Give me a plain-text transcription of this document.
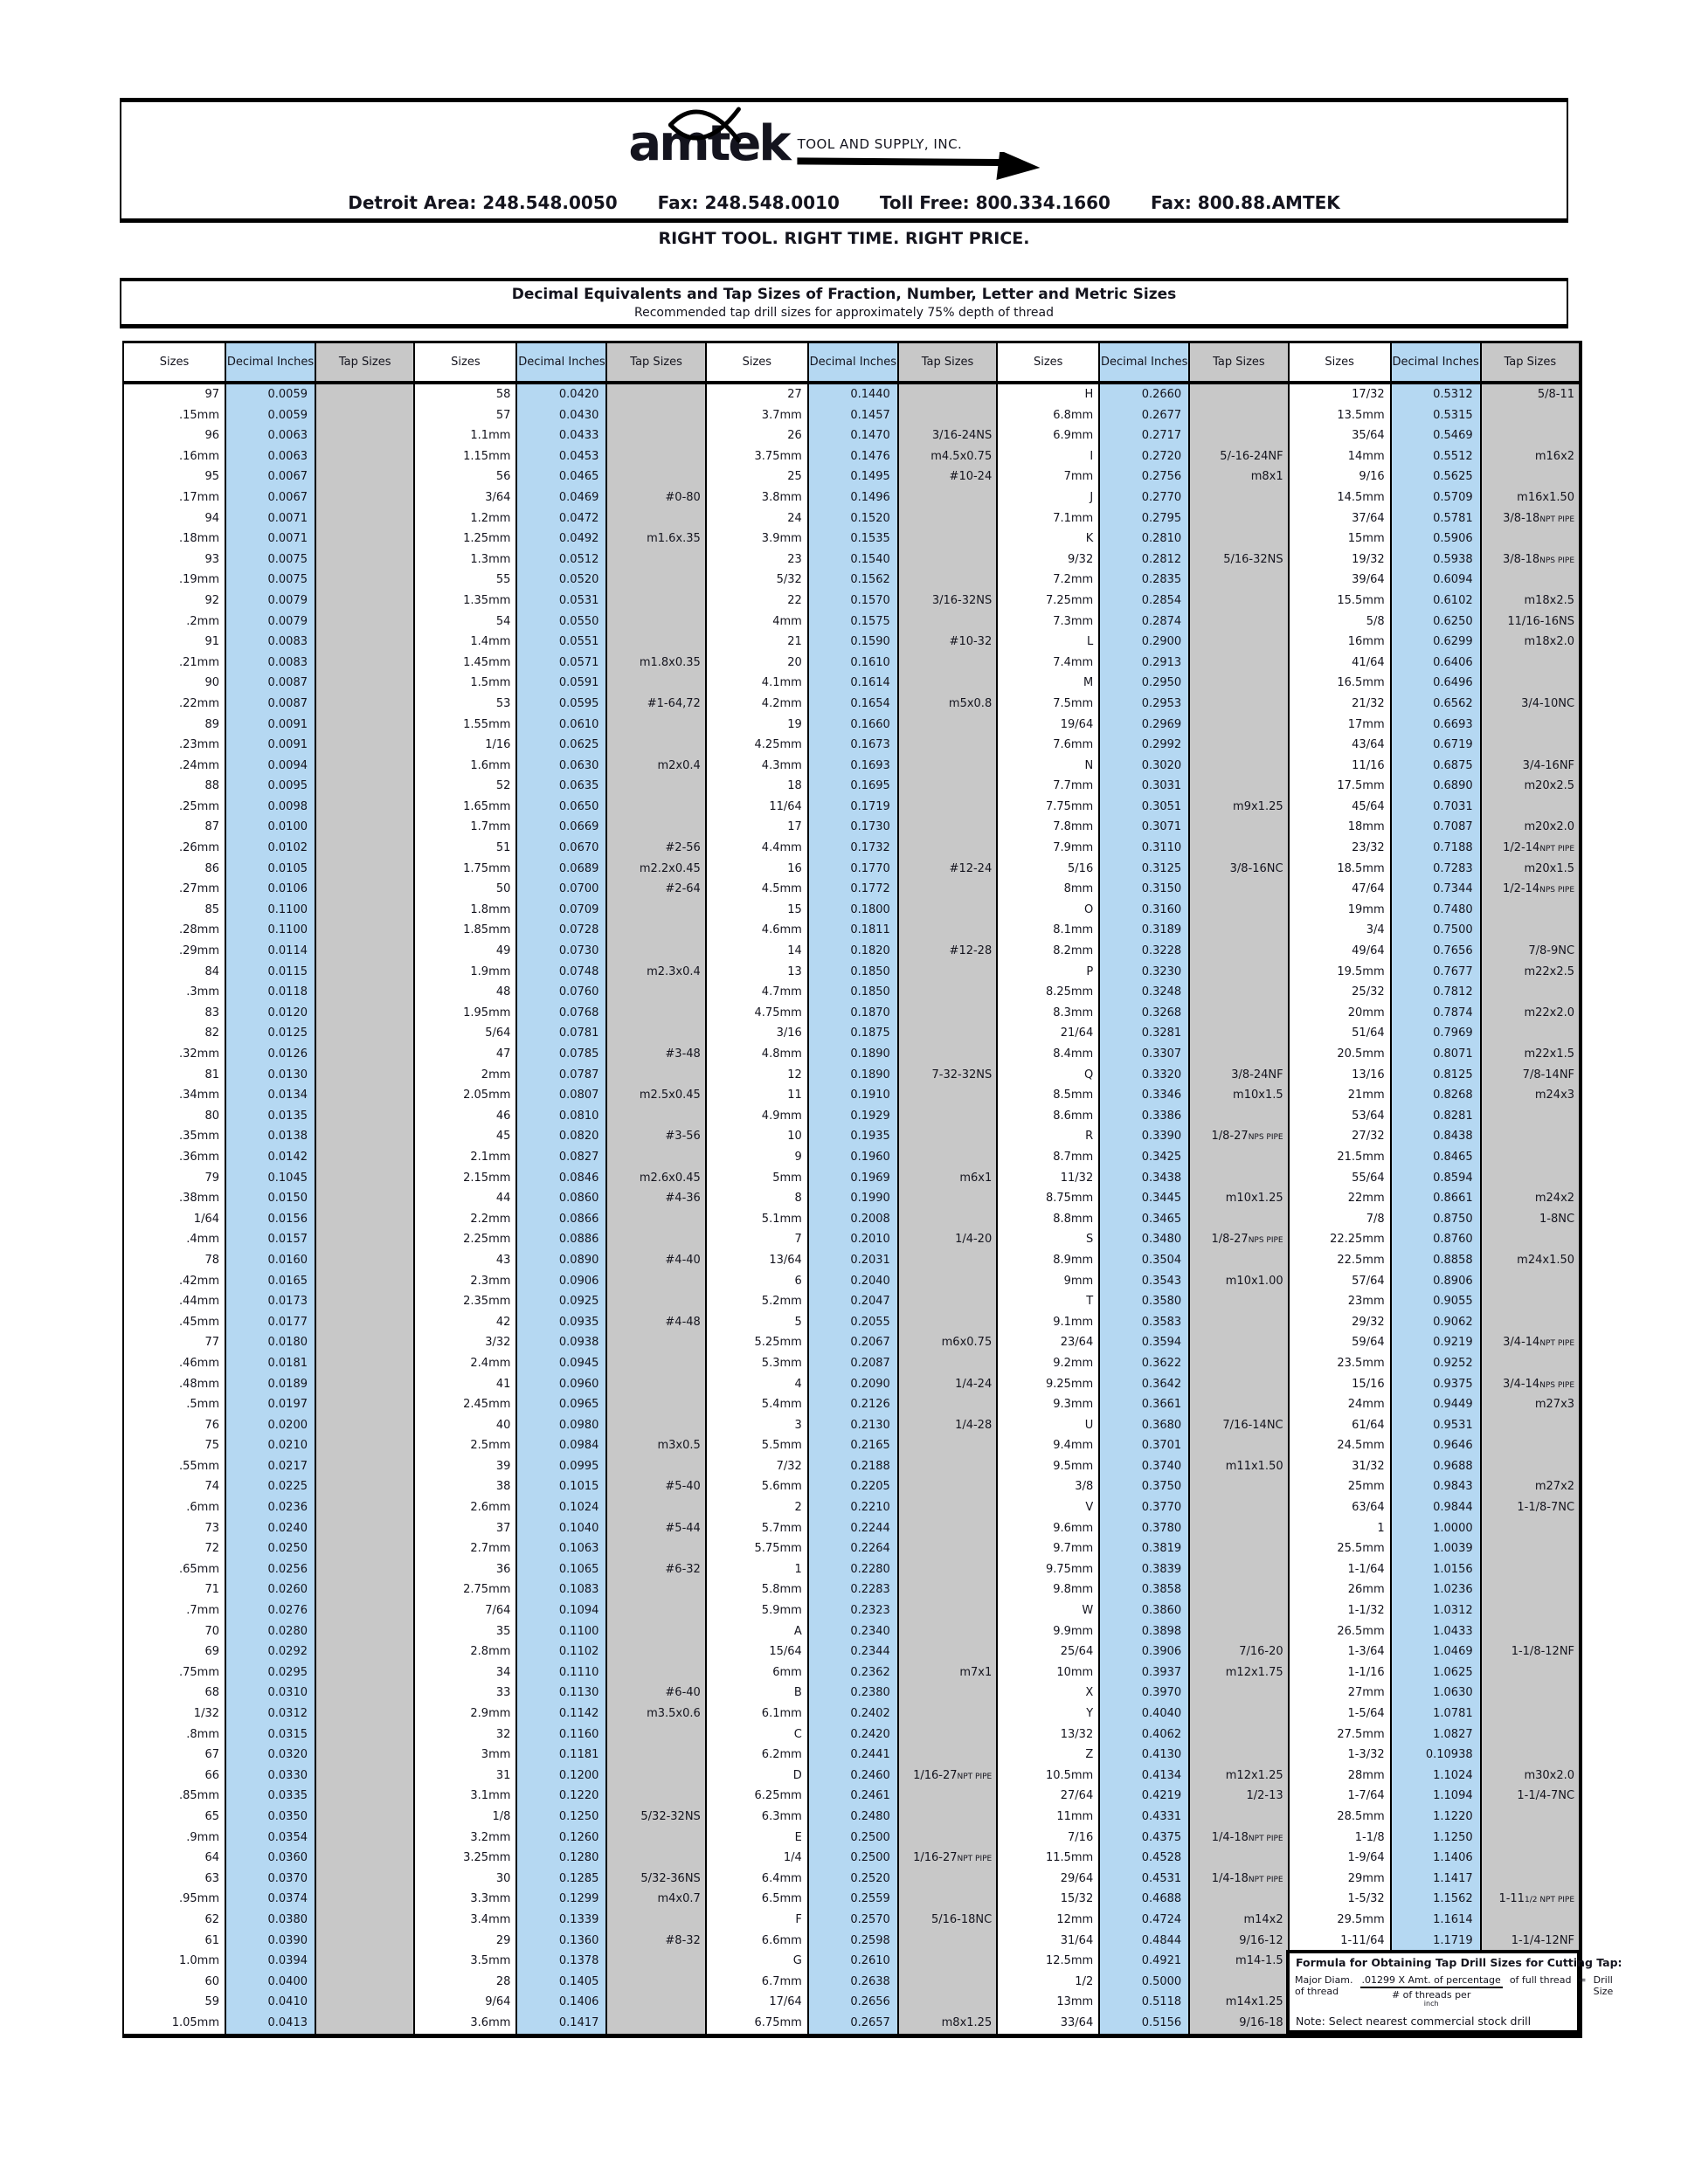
amtek TOOL AND SUPPLY, INC.
Detroit Area: 248.548.0050 Fax: 248.548.0010 Toll Free: 800.334.1660 Fax: 800.88.AMTEK
RIGHT TOOL. RIGHT TIME. RIGHT PRICE.
Decimal Equivalents and Tap Sizes of Fraction, Number, Letter and Metric Sizes
Recommended tap drill sizes for approximately 75% depth of thread
Sizes	Decimal Inches	Tap Sizes
97	0.0059
.15mm	0.0059
96	0.0063
.16mm	0.0063
95	0.0067
.17mm	0.0067
94	0.0071
.18mm	0.0071
93	0.0075
.19mm	0.0075
92	0.0079
.2mm	0.0079
91	0.0083
.21mm	0.0083
90	0.0087
.22mm	0.0087
89	0.0091
.23mm	0.0091
.24mm	0.0094
88	0.0095
.25mm	0.0098
87	0.0100
.26mm	0.0102
86	0.0105
.27mm	0.0106
85	0.1100
.28mm	0.1100
.29mm	0.0114
84	0.0115
.3mm	0.0118
83	0.0120
82	0.0125
.32mm	0.0126
81	0.0130
.34mm	0.0134
80	0.0135
.35mm	0.0138
.36mm	0.0142
79	0.1045
.38mm	0.0150
1/64	0.0156
.4mm	0.0157
78	0.0160
.42mm	0.0165
.44mm	0.0173
.45mm	0.0177
77	0.0180
.46mm	0.0181
.48mm	0.0189
.5mm	0.0197
76	0.0200
75	0.0210
.55mm	0.0217
74	0.0225
.6mm	0.0236
73	0.0240
72	0.0250
.65mm	0.0256
71	0.0260
.7mm	0.0276
70	0.0280
69	0.0292
.75mm	0.0295
68	0.0310
1/32	0.0312
.8mm	0.0315
67	0.0320
66	0.0330
.85mm	0.0335
65	0.0350
.9mm	0.0354
64	0.0360
63	0.0370
.95mm	0.0374
62	0.0380
61	0.0390
1.0mm	0.0394
60	0.0400
59	0.0410
1.05mm	0.0413
Sizes	Decimal Inches	Tap Sizes
58	0.0420
57	0.0430
1.1mm	0.0433
1.15mm	0.0453
56	0.0465
3/64	0.0469	#0-80
1.2mm	0.0472
1.25mm	0.0492	m1.6x.35
1.3mm	0.0512
55	0.0520
1.35mm	0.0531
54	0.0550
1.4mm	0.0551
1.45mm	0.0571	m1.8x0.35
1.5mm	0.0591
53	0.0595	#1-64,72
1.55mm	0.0610
1/16	0.0625
1.6mm	0.0630	m2x0.4
52	0.0635
1.65mm	0.0650
1.7mm	0.0669
51	0.0670	#2-56
1.75mm	0.0689	m2.2x0.45
50	0.0700	#2-64
1.8mm	0.0709
1.85mm	0.0728
49	0.0730
1.9mm	0.0748	m2.3x0.4
48	0.0760
1.95mm	0.0768
5/64	0.0781
47	0.0785	#3-48
2mm	0.0787
2.05mm	0.0807	m2.5x0.45
46	0.0810
45	0.0820	#3-56
2.1mm	0.0827
2.15mm	0.0846	m2.6x0.45
44	0.0860	#4-36
2.2mm	0.0866
2.25mm	0.0886
43	0.0890	#4-40
2.3mm	0.0906
2.35mm	0.0925
42	0.0935	#4-48
3/32	0.0938
2.4mm	0.0945
41	0.0960
2.45mm	0.0965
40	0.0980
2.5mm	0.0984	m3x0.5
39	0.0995
38	0.1015	#5-40
2.6mm	0.1024
37	0.1040	#5-44
2.7mm	0.1063
36	0.1065	#6-32
2.75mm	0.1083
7/64	0.1094
35	0.1100
2.8mm	0.1102
34	0.1110
33	0.1130	#6-40
2.9mm	0.1142	m3.5x0.6
32	0.1160
3mm	0.1181
31	0.1200
3.1mm	0.1220
1/8	0.1250	5/32-32NS
3.2mm	0.1260
3.25mm	0.1280
30	0.1285	5/32-36NS
3.3mm	0.1299	m4x0.7
3.4mm	0.1339
29	0.1360	#8-32
3.5mm	0.1378
28	0.1405
9/64	0.1406
3.6mm	0.1417
Sizes	Decimal Inches	Tap Sizes
27	0.1440
3.7mm	0.1457
26	0.1470	3/16-24NS
3.75mm	0.1476	m4.5x0.75
25	0.1495	#10-24
3.8mm	0.1496
24	0.1520
3.9mm	0.1535
23	0.1540
5/32	0.1562
22	0.1570	3/16-32NS
4mm	0.1575
21	0.1590	#10-32
20	0.1610
4.1mm	0.1614
4.2mm	0.1654	m5x0.8
19	0.1660
4.25mm	0.1673
4.3mm	0.1693
18	0.1695
11/64	0.1719
17	0.1730
4.4mm	0.1732
16	0.1770	#12-24
4.5mm	0.1772
15	0.1800
4.6mm	0.1811
14	0.1820	#12-28
13	0.1850
4.7mm	0.1850
4.75mm	0.1870
3/16	0.1875
4.8mm	0.1890
12	0.1890	7-32-32NS
11	0.1910
4.9mm	0.1929
10	0.1935
9	0.1960
5mm	0.1969	m6x1
8	0.1990
5.1mm	0.2008
7	0.2010	1/4-20
13/64	0.2031
6	0.2040
5.2mm	0.2047
5	0.2055
5.25mm	0.2067	m6x0.75
5.3mm	0.2087
4	0.2090	1/4-24
5.4mm	0.2126
3	0.2130	1/4-28
5.5mm	0.2165
7/32	0.2188
5.6mm	0.2205
2	0.2210
5.7mm	0.2244
5.75mm	0.2264
1	0.2280
5.8mm	0.2283
5.9mm	0.2323
A	0.2340
15/64	0.2344
6mm	0.2362	m7x1
B	0.2380
6.1mm	0.2402
C	0.2420
6.2mm	0.2441
D	0.2460	1/16-27NPT PIPE
6.25mm	0.2461
6.3mm	0.2480
E	0.2500
1/4	0.2500	1/16-27NPT PIPE
6.4mm	0.2520
6.5mm	0.2559
F	0.2570	5/16-18NC
6.6mm	0.2598
G	0.2610
6.7mm	0.2638
17/64	0.2656
6.75mm	0.2657	m8x1.25
Sizes	Decimal Inches	Tap Sizes
H	0.2660
6.8mm	0.2677
6.9mm	0.2717
I	0.2720	5/-16-24NF
7mm	0.2756	m8x1
J	0.2770
7.1mm	0.2795
K	0.2810
9/32	0.2812	5/16-32NS
7.2mm	0.2835
7.25mm	0.2854
7.3mm	0.2874
L	0.2900
7.4mm	0.2913
M	0.2950
7.5mm	0.2953
19/64	0.2969
7.6mm	0.2992
N	0.3020
7.7mm	0.3031
7.75mm	0.3051	m9x1.25
7.8mm	0.3071
7.9mm	0.3110
5/16	0.3125	3/8-16NC
8mm	0.3150
O	0.3160
8.1mm	0.3189
8.2mm	0.3228
P	0.3230
8.25mm	0.3248
8.3mm	0.3268
21/64	0.3281
8.4mm	0.3307
Q	0.3320	3/8-24NF
8.5mm	0.3346	m10x1.5
8.6mm	0.3386
R	0.3390	1/8-27NPS PIPE
8.7mm	0.3425
11/32	0.3438
8.75mm	0.3445	m10x1.25
8.8mm	0.3465
S	0.3480	1/8-27NPS PIPE
8.9mm	0.3504
9mm	0.3543	m10x1.00
T	0.3580
9.1mm	0.3583
23/64	0.3594
9.2mm	0.3622
9.25mm	0.3642
9.3mm	0.3661
U	0.3680	7/16-14NC
9.4mm	0.3701
9.5mm	0.3740	m11x1.50
3/8	0.3750
V	0.3770
9.6mm	0.3780
9.7mm	0.3819
9.75mm	0.3839
9.8mm	0.3858
W	0.3860
9.9mm	0.3898
25/64	0.3906	7/16-20
10mm	0.3937	m12x1.75
X	0.3970
Y	0.4040
13/32	0.4062
Z	0.4130
10.5mm	0.4134	m12x1.25
27/64	0.4219	1/2-13
11mm	0.4331
7/16	0.4375	1/4-18NPT PIPE
11.5mm	0.4528
29/64	0.4531	1/4-18NPT PIPE
15/32	0.4688
12mm	0.4724	m14x2
31/64	0.4844	9/16-12
12.5mm	0.4921	m14-1.5
1/2	0.5000
13mm	0.5118	m14x1.25
33/64	0.5156	9/16-18
Sizes	Decimal Inches	Tap Sizes
17/32	0.5312	5/8-11
13.5mm	0.5315
35/64	0.5469
14mm	0.5512	m16x2
9/16	0.5625
14.5mm	0.5709	m16x1.50
37/64	0.5781	3/8-18NPT PIPE
15mm	0.5906
19/32	0.5938	3/8-18NPS PIPE
39/64	0.6094
15.5mm	0.6102	m18x2.5
5/8	0.6250	11/16-16NS
16mm	0.6299	m18x2.0
41/64	0.6406
16.5mm	0.6496
21/32	0.6562	3/4-10NC
17mm	0.6693
43/64	0.6719
11/16	0.6875	3/4-16NF
17.5mm	0.6890	m20x2.5
45/64	0.7031
18mm	0.7087	m20x2.0
23/32	0.7188	1/2-14NPT PIPE
18.5mm	0.7283	m20x1.5
47/64	0.7344	1/2-14NPS PIPE
19mm	0.7480
3/4	0.7500
49/64	0.7656	7/8-9NC
19.5mm	0.7677	m22x2.5
25/32	0.7812
20mm	0.7874	m22x2.0
51/64	0.7969
20.5mm	0.8071	m22x1.5
13/16	0.8125	7/8-14NF
21mm	0.8268	m24x3
53/64	0.8281
27/32	0.8438
21.5mm	0.8465
55/64	0.8594
22mm	0.8661	m24x2
7/8	0.8750	1-8NC
22.25mm	0.8760
22.5mm	0.8858	m24x1.50
57/64	0.8906
23mm	0.9055
29/32	0.9062
59/64	0.9219	3/4-14NPT PIPE
23.5mm	0.9252
15/16	0.9375	3/4-14NPS PIPE
24mm	0.9449	m27x3
61/64	0.9531
24.5mm	0.9646
31/32	0.9688
25mm	0.9843	m27x2
63/64	0.9844	1-1/8-7NC
1	1.0000
25.5mm	1.0039
1-1/64	1.0156
26mm	1.0236
1-1/32	1.0312
26.5mm	1.0433
1-3/64	1.0469	1-1/8-12NF
1-1/16	1.0625
27mm	1.0630
1-5/64	1.0781
27.5mm	1.0827
1-3/32	0.10938
28mm	1.1024	m30x2.0
1-7/64	1.1094	1-1/4-7NC
28.5mm	1.1220
1-1/8	1.1250
1-9/64	1.1406
29mm	1.1417
1-5/32	1.1562	1-111/2 NPT PIPE
29.5mm	1.1614
1-11/64	1.1719	1-1/4-12NF
Formula for Obtaining Tap Drill Sizes for Cutting Tap:
Major Diam.
of thread
.01299 X Amt. of percentage
# of threads per
inch
of full thread = Drill
Size
Note: Select nearest commercial stock drill
